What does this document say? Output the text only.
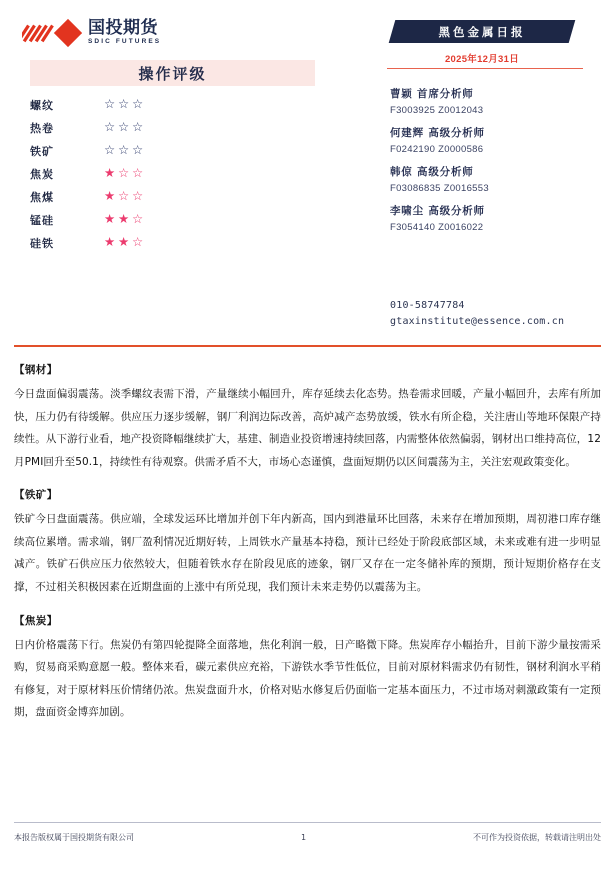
国投期货
SDIC FUTURES
操作评级
螺纹	☆ ☆ ☆
热卷	☆ ☆ ☆
铁矿	☆ ☆ ☆
焦炭	★ ☆ ☆
焦煤	★ ☆ ☆
锰硅	★ ★ ☆
硅铁	★ ★ ☆
黑色金属日报
2025年12月31日
曹颖 首席分析师
F3003925 Z0012043
何建辉 高级分析师
F0242190 Z0000586
韩倞 高级分析师
F03086835 Z0016553
李啸尘 高级分析师
F3054140 Z0016022
010-58747784
gtaxinstitute@essence.com.cn
【钢材】
今日盘面偏弱震荡。淡季螺纹表需下滑，产量继续小幅回升，库存延续去化态势。热卷需求回暖，产量小幅回升，去库有所加快，压力仍有待缓解。供应压力逐步缓解，钢厂利润边际改善，高炉减产态势放缓，铁水有所企稳，关注唐山等地环保限产持续性。从下游行业看，地产投资降幅继续扩大，基建、制造业投资增速持续回落，内需整体依然偏弱，钢材出口维持高位，12月PMI回升至50.1，持续性有待观察。供需矛盾不大，市场心态谨慎，盘面短期仍以区间震荡为主，关注宏观政策变化。
【铁矿】
铁矿今日盘面震荡。供应端，全球发运环比增加并创下年内新高，国内到港量环比回落，未来存在增加预期，周初港口库存继续高位累增。需求端，钢厂盈利情况近期好转，上周铁水产量基本持稳，预计已经处于阶段底部区域，未来或难有进一步明显减产。铁矿石供应压力依然较大，但随着铁水存在阶段见底的迹象，钢厂又存在一定冬储补库的预期，预计短期价格存在支撑，不过相关积极因素在近期盘面的上涨中有所兑现，我们预计未来走势仍以震荡为主。
【焦炭】
日内价格震荡下行。焦炭仍有第四轮提降全面落地，焦化利润一般，日产略微下降。焦炭库存小幅抬升，目前下游少量按需采购，贸易商采购意愿一般。整体来看，碳元素供应充裕，下游铁水季节性低位，目前对原材料需求仍有韧性，钢材利润水平稍有修复，对于原材料压价情绪仍浓。焦炭盘面升水，价格对贴水修复后仍面临一定基本面压力，不过市场对刺激政策有一定预期，盘面资金博弈加剧。
本报告版权属于国投期货有限公司	1	不可作为投资依据，转载请注明出处
